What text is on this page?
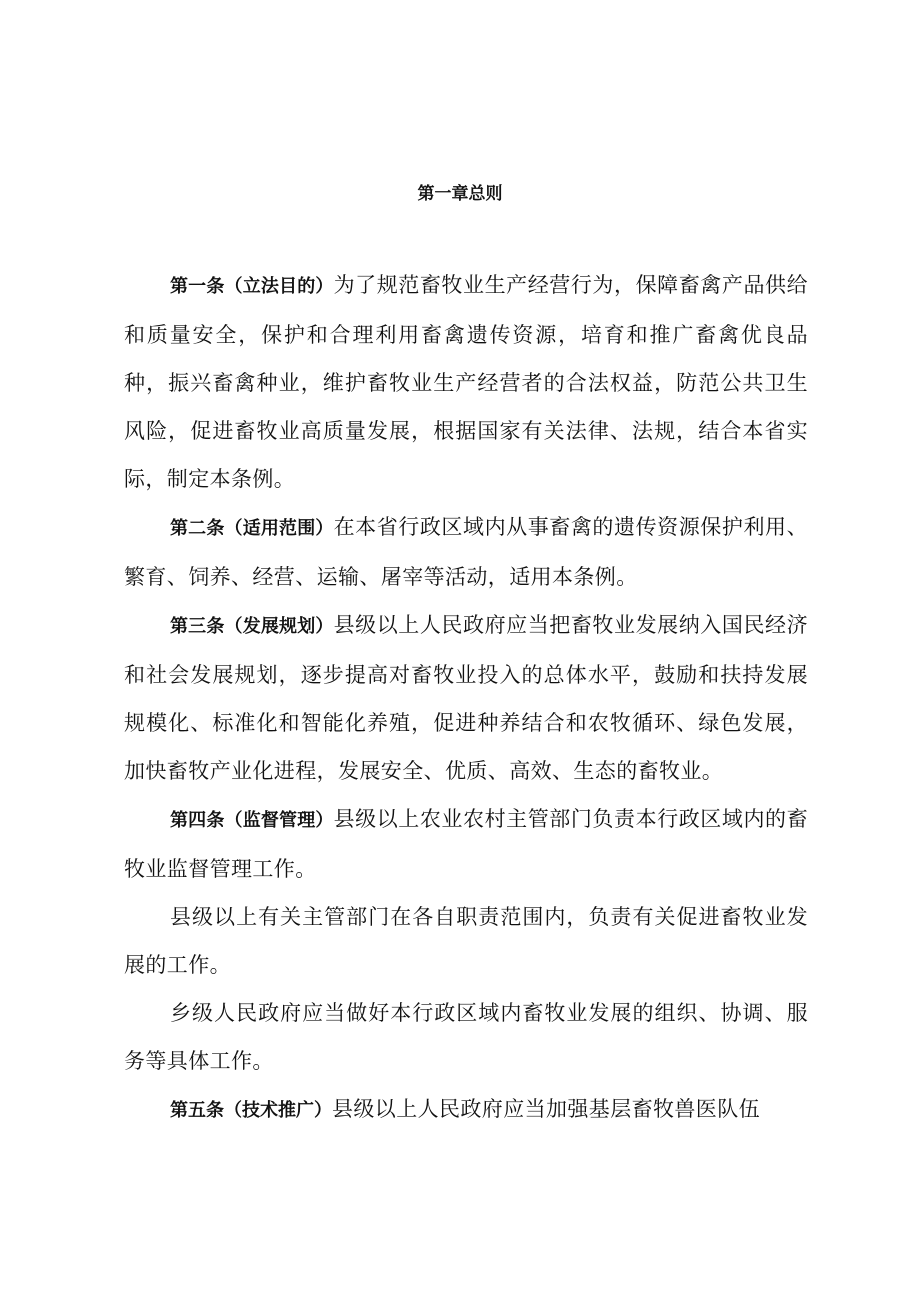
第一章总则

第一条（立法目的）为了规范畜牧业生产经营行为，保障畜禽产品供给和质量安全，保护和合理利用畜禽遗传资源，培育和推广畜禽优良品种，振兴畜禽种业，维护畜牧业生产经营者的合法权益，防范公共卫生风险，促进畜牧业高质量发展，根据国家有关法律、法规，结合本省实际，制定本条例。

第二条（适用范围）在本省行政区域内从事畜禽的遗传资源保护利用、繁育、饲养、经营、运输、屠宰等活动，适用本条例。

第三条（发展规划）县级以上人民政府应当把畜牧业发展纳入国民经济和社会发展规划，逐步提高对畜牧业投入的总体水平，鼓励和扶持发展规模化、标准化和智能化养殖，促进种养结合和农牧循环、绿色发展，加快畜牧产业化进程，发展安全、优质、高效、生态的畜牧业。

第四条（监督管理）县级以上农业农村主管部门负责本行政区域内的畜牧业监督管理工作。

县级以上有关主管部门在各自职责范围内，负责有关促进畜牧业发展的工作。

乡级人民政府应当做好本行政区域内畜牧业发展的组织、协调、服务等具体工作。

第五条（技术推广）县级以上人民政府应当加强基层畜牧兽医队伍
